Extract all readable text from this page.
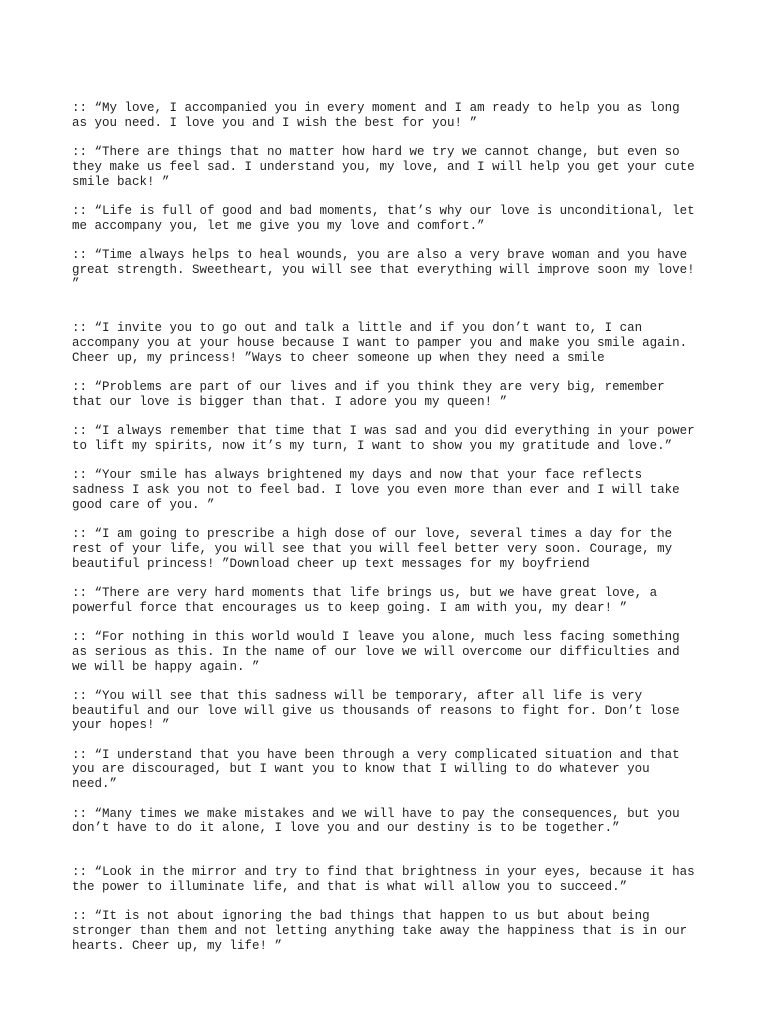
:: “My love, I accompanied you in every moment and I am ready to help you as long as you need. I love you and I wish the best for you! ”

:: “There are things that no matter how hard we try we cannot change, but even so they make us feel sad. I understand you, my love, and I will help you get your cute smile back! ”

:: “Life is full of good and bad moments, that’s why our love is unconditional, let me accompany you, let me give you my love and comfort.”

:: “Time always helps to heal wounds, you are also a very brave woman and you have great strength. Sweetheart, you will see that everything will improve soon my love! ”

:: “I invite you to go out and talk a little and if you don’t want to, I can accompany you at your house because I want to pamper you and make you smile again. Cheer up, my princess! ”Ways to cheer someone up when they need a smile

:: “Problems are part of our lives and if you think they are very big, remember that our love is bigger than that. I adore you my queen! ”

:: “I always remember that time that I was sad and you did everything in your power to lift my spirits, now it’s my turn, I want to show you my gratitude and love.”

:: “Your smile has always brightened my days and now that your face reflects sadness I ask you not to feel bad. I love you even more than ever and I will take good care of you. ”

:: “I am going to prescribe a high dose of our love, several times a day for the rest of your life, you will see that you will feel better very soon. Courage, my beautiful princess! ”Download cheer up text messages for my boyfriend

:: “There are very hard moments that life brings us, but we have great love, a powerful force that encourages us to keep going. I am with you, my dear! ”

:: “For nothing in this world would I leave you alone, much less facing something as serious as this. In the name of our love we will overcome our difficulties and we will be happy again. ”

:: “You will see that this sadness will be temporary, after all life is very beautiful and our love will give us thousands of reasons to fight for. Don’t lose your hopes! ”

:: “I understand that you have been through a very complicated situation and that you are discouraged, but I want you to know that I willing to do whatever you need.”

:: “Many times we make mistakes and we will have to pay the consequences, but you don’t have to do it alone, I love you and our destiny is to be together.”

:: “Look in the mirror and try to find that brightness in your eyes, because it has the power to illuminate life, and that is what will allow you to succeed.”

:: “It is not about ignoring the bad things that happen to us but about being stronger than them and not letting anything take away the happiness that is in our hearts. Cheer up, my life! ”
